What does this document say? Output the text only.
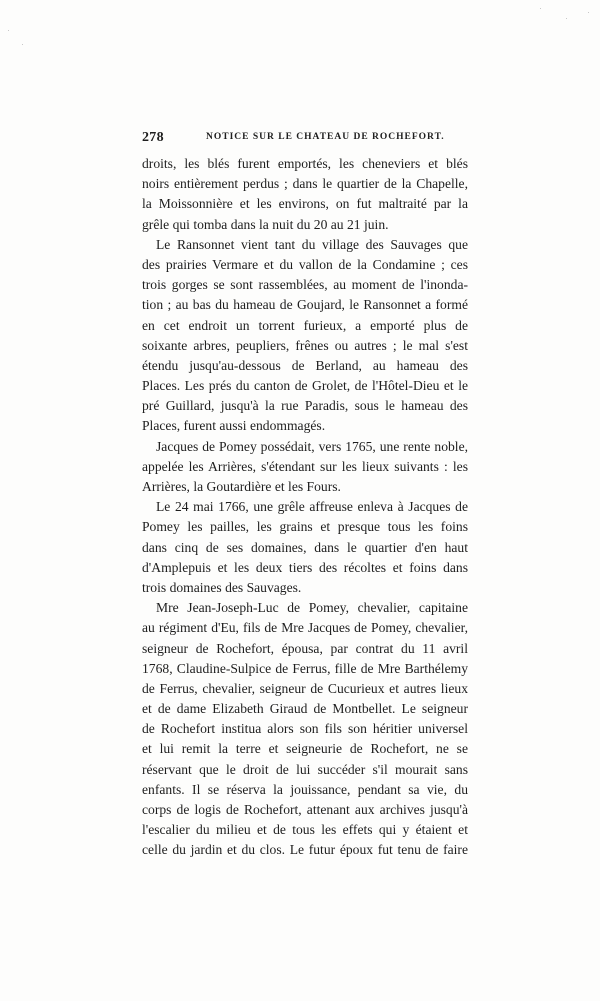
278	NOTICE SUR LE CHATEAU DE ROCHEFORT.

droits, les blés furent emportés, les cheneviers et blés
noirs entièrement perdus ; dans le quartier de la Chapelle,
la Moissonnière et les environs, on fut maltraité par la
grêle qui tomba dans la nuit du 20 au 21 juin.

Le Ransonnet vient tant du village des Sauvages que
des prairies Vermare et du vallon de la Condamine ; ces
trois gorges se sont rassemblées, au moment de l'inonda-
tion ; au bas du hameau de Goujard, le Ransonnet a formé
en cet endroit un torrent furieux, a emporté plus de
soixante arbres, peupliers, frênes ou autres ; le mal s'est
étendu jusqu'au-dessous de Berland, au hameau des
Places. Les prés du canton de Grolet, de l'Hôtel-Dieu et le
pré Guillard, jusqu'à la rue Paradis, sous le hameau des
Places, furent aussi endommagés.

Jacques de Pomey possédait, vers 1765, une rente noble,
appelée les Arrières, s'étendant sur les lieux suivants : les
Arrières, la Goutardière et les Fours.

Le 24 mai 1766, une grêle affreuse enleva à Jacques de
Pomey les pailles, les grains et presque tous les foins
dans cinq de ses domaines, dans le quartier d'en haut
d'Amplepuis et les deux tiers des récoltes et foins dans
trois domaines des Sauvages.

Mre Jean-Joseph-Luc de Pomey, chevalier, capitaine
au régiment d'Eu, fils de Mre Jacques de Pomey, chevalier,
seigneur de Rochefort, épousa, par contrat du 11 avril
1768, Claudine-Sulpice de Ferrus, fille de Mre Barthélemy
de Ferrus, chevalier, seigneur de Cucurieux et autres lieux
et de dame Elizabeth Giraud de Montbellet. Le seigneur
de Rochefort institua alors son fils son héritier universel
et lui remit la terre et seigneurie de Rochefort, ne se
réservant que le droit de lui succéder s'il mourait sans
enfants. Il se réserva la jouissance, pendant sa vie, du
corps de logis de Rochefort, attenant aux archives jusqu'à
l'escalier du milieu et de tous les effets qui y étaient et
celle du jardin et du clos. Le futur époux fut tenu de faire
